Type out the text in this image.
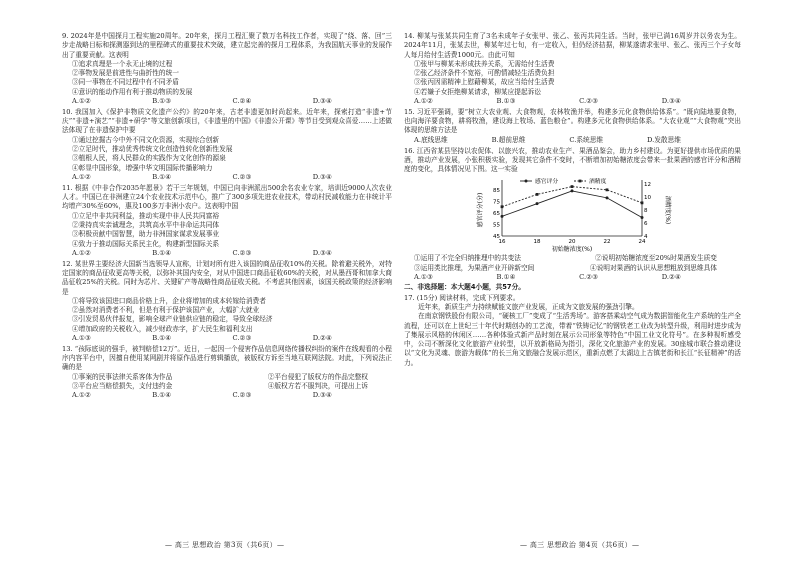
9. 2024年是中国探月工程实施20周年。20年来，探月工程汇聚了数万名科技工作者，实现了“绕、落、回”三步走战略目标和探测器到达的里程碑式的重要技术突破，建立起完善的探月工程体系，为我国航天事业的发展作出了重要贡献。这表明

①追求真理是一个永无止境的过程

②事物发展是前进性与曲折性的统一

③同一事物在不同过程中有不同矛盾

④意识的能动作用有利于推动物质的发展

A.①②	B.①③	C.②④	D.③④

10. 我国加入《保护非物质文化遗产公约》的20年来，古老非遗更加时尚起来。近年来，探索打造“非遗+节庆”“非遗+演艺”“非遗+研学”等文旅创新项目，《非遗里的中国》《非遗公开课》等节目受到观众喜爱……上述做法体现了在非遗保护中要

①通过挖掘古今中外不同文化资源，实现综合创新

②立足时代，推动优秀传统文化创造性转化创新性发展

③植根人民，将人民群众的实践作为文化创作的源泉

④彰显中国形象，增强中华文明国际传播影响力

A.①②	B.①④	C.②③	D.③④

11. 根据《中非合作2035年愿景》若干三年规划，中国已向非洲派出500余名农业专家，培训近9000人次农业人才。中国已在非洲建立24个农业技术示范中心，推广了300多项先进农业技术，带动村民减收能力在非统计平均增产30%至60%，惠及100多万非洲小农户。这表明中国

①立足中非共同利益，推动实现中非人民共同富裕

②秉持真实亲诚理念，共筑高水平中非命运共同体

③积极贡献中国智慧，助力非洲国家谋求发展事业

④致力于推动国际关系民主化，构建新型国际关系

A.①②	B.①④	C.②③	D.③④

12. 某世界主要经济大国新当选领导人宣称，计划对所有进入该国的商品征收10%的关税。除着避关税外，对特定国家的商品征收更高等关税，以弥补其国内安全，对从中国进口商品征收60%的关税，对从墨西哥和加拿大商品征收25%的关税。同时为芯片、关键矿产等战略性商品征收关税。不考虑其他因素，该国关税政策的经济影响是

①将导致该国进口商品价格上升，企业将增加的成本转嫁给消费者

②虽然对消费者不利，但是有利于保护该国产业，大幅扩大就业

③引发贸易伙伴报复，影响全球产业链供应链的稳定，导致全球经济

④增加政府的关税收入，减少财政赤字，扩大民生和福利支出

A.①③	B.①④	C.②③	D.②④

13. “孩际底说的强手，被判赔偿12万”。近日，一起因一个侵害作品信息网络传播权纠纷的案件在线观看的小程序内容平台中，因擅自使用某网剧并将原作品进行剪辑播放，被版权方诉至当地互联网法院。对此，下列说法正确的是

①事案的民事法律关系客体为作品	②平台侵犯了版权方的作品完整权
③平台应当赔偿损失，支付违约金	④版权方若不服判决，可提出上诉
A.①②	B.①④	C.②③	D.③④

14. 柳某与张某共同生育了3名未成年子女张甲、张乙、张丙共同生活。当时，张甲已满16周岁并以务农为生。2024年11月，张某去世，柳某年过七旬，有一定收入，但仍经济拮据，柳某遂请求张甲、张乙、张丙三个子女每人每月给付生活费1000元。由此可知

①张甲与柳某未形成扶养关系，无需给付生活费

②张乙经济条件不宽裕，可酌情减轻生活费负担

③张丙因需精神上慰藉柳某，故应当给付生活费

④若嫌子女拒绝柳某请求，柳某应提起诉讼

A.①②	B.①③	C.②③	D.③④

15. 习近平强调，要“树立大农业观、大食物观，农林牧渔并举，构建多元化食物供给体系”。“既向陆地要食物，也向海洋要食物，耕将牧渔，建设海上牧场、蓝色粮仓”。构建多元化食物供给体系。“大农业观”“大食物观”突出体现的思维方法是

A.底线思维	B.超前思维	C.系统思维	D.发散思维

16. 江西省某县坚持以农促体、以旅兴农，推动农业生产、果酒品鉴会，助力乡村建设。为更好提供市场优质的果酒，推动产业发展，小张积极实验，发现其它条件不变时，不断增加初始糖浓度会带来一批果酒的感官评分和酒精度的变化，具体情况见下图。这一实验

16	18	20	22	24
45
55
65
75
85
4
6
8
10
12
初始糖浓度(%)
感官评分(分)	酒精度(%)
感官评分	酒精度
①运用了不完全归纳推理中的共变法	②说明初始糖浓度至20%时果酒发生质变
③运用类比推理，为果酒产业开辟新空间	④说明对果酒的认识从思想粗放到思维具体
A.①③	B.①④	C.②③	D.②④

二、非选择题：本大题4小题，共57分。

17. (15分) 阅读材料，完成下列要求。

近年来，新质生产力持续赋能文旅产业发展，正成为文旅发展的强劲引擎。

在南京钢铁股份有限公司，“硬核工厂”变成了“生活秀场”。游客搭乘动空气成为数据智能化生产系统的生产全流程，还可以在上世纪三十年代时期创办的工艺流，带着“铁铸记忆”的钢铁老工业改为转型升级，利用时进步成为了集展示风格的休闲区……各种体验式新产品时刻在展示公司形象等特色“中国工业文化符号”。在多种视听感受中，公司不断深化文化旅游产业转型，以开放新格局为指引，深化文化旅游产业的发展。30座城市联合推动建设以“文化为灵魂、旅游为载体”的长三角文旅融合发展示范区，重新点燃了太湖边上古镇老街和长江“长征精神”的活力。

— 高三 思想政治 第3页（共6页）—	— 高三 思想政治 第4页（共6页）—
